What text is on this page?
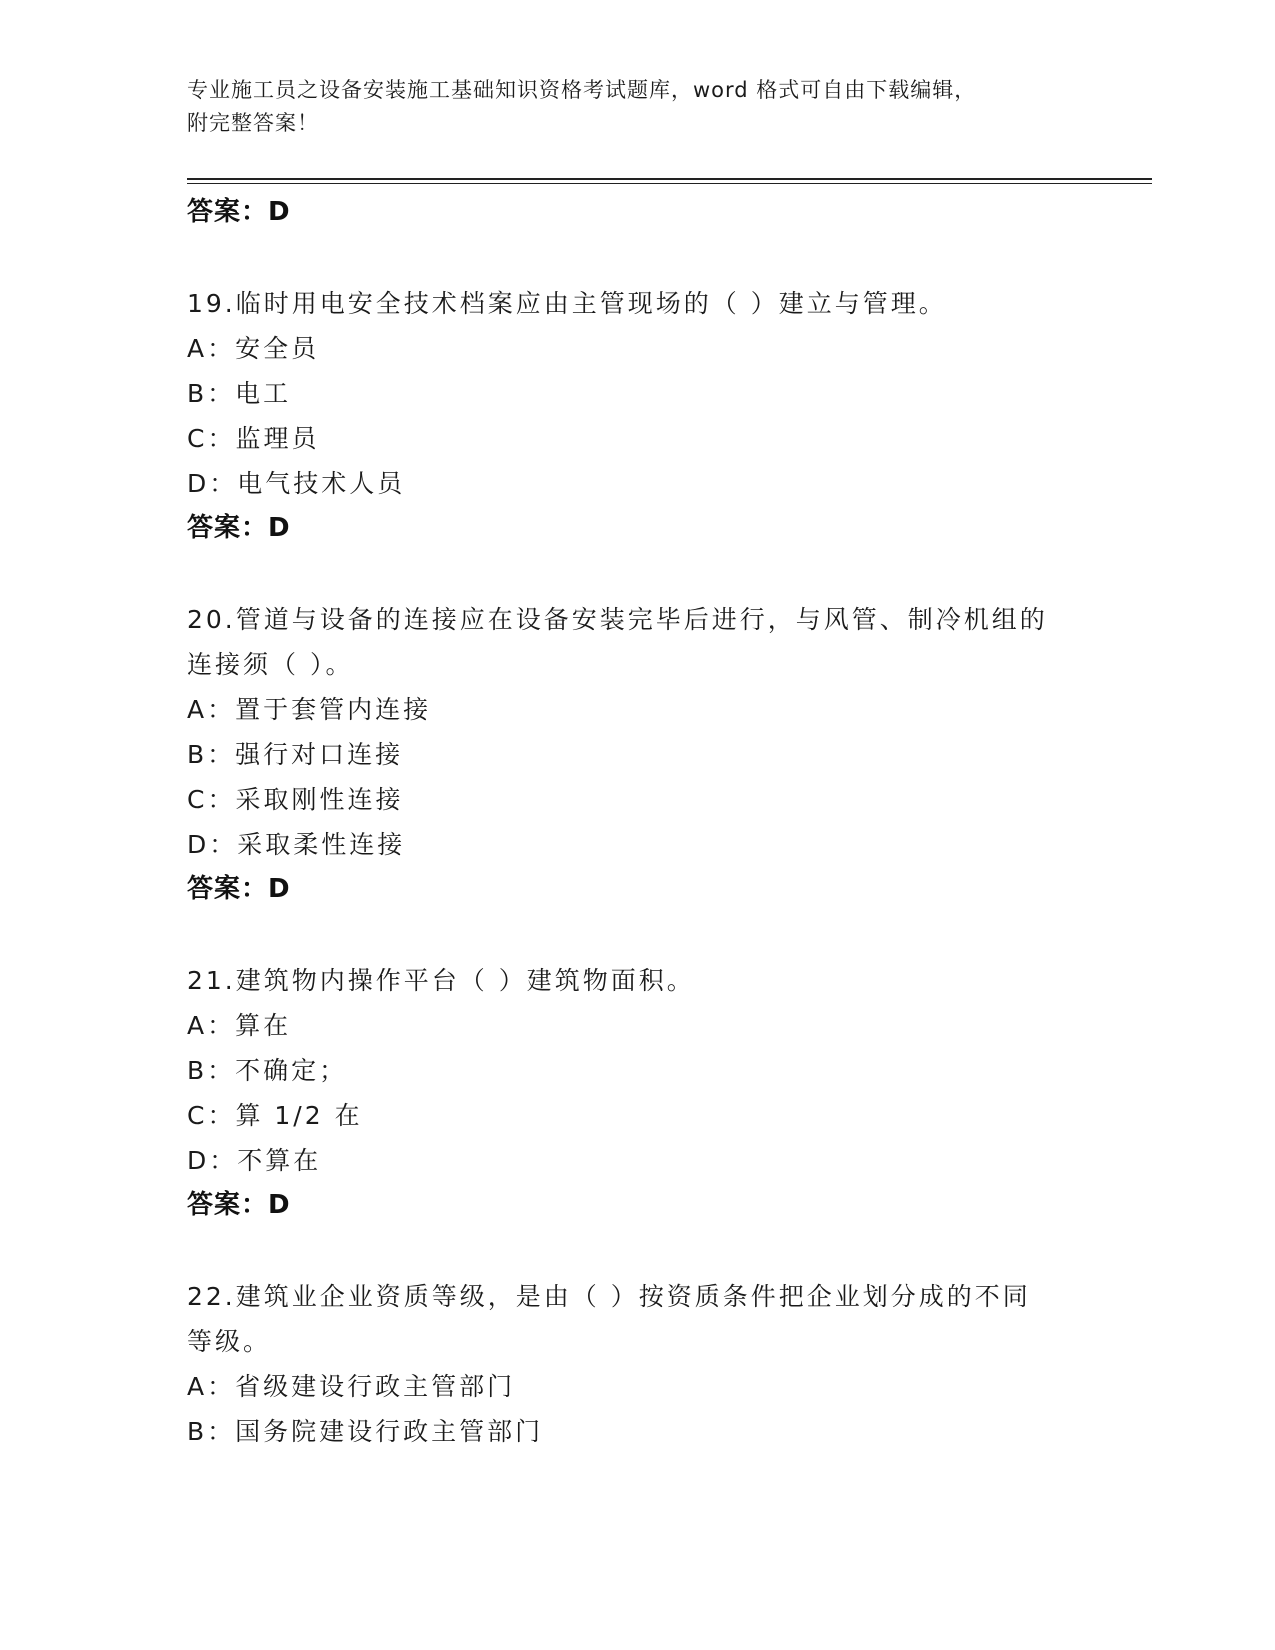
专业施工员之设备安装施工基础知识资格考试题库，word 格式可自由下载编辑，
附完整答案！
答案：D
19.临时用电安全技术档案应由主管现场的（ ）建立与管理。
A：安全员
B：电工
C：监理员
D：电气技术人员
答案：D
20.管道与设备的连接应在设备安装完毕后进行，与风管、制冷机组的
连接须（ ）。
A：置于套管内连接
B：强行对口连接
C：采取刚性连接
D：采取柔性连接
答案：D
21.建筑物内操作平台（ ）建筑物面积。
A：算在
B：不确定；
C：算 1/2 在
D：不算在
答案：D
22.建筑业企业资质等级，是由（ ）按资质条件把企业划分成的不同
等级。
A：省级建设行政主管部门
B：国务院建设行政主管部门
